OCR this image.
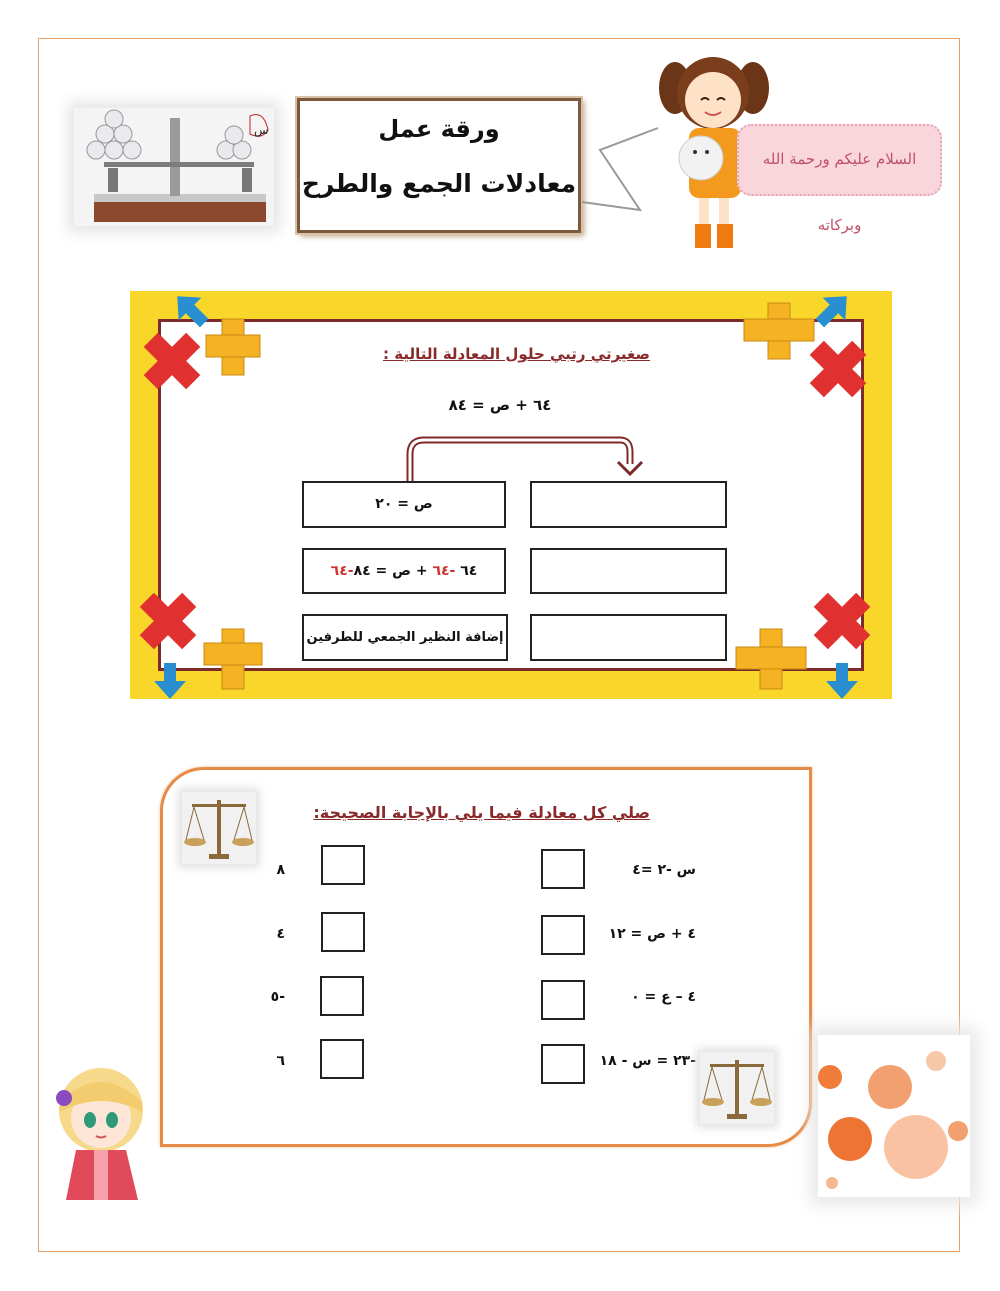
س	ورقة عمل
معادلات الجمع والطرح
السلام عليكم ورحمة الله وبركاته
صغيرتي رتبي حلول المعادلة التالية :
٦٤ + ص = ٨٤
ص = ٢٠
٦٤ -٦٤ + ص = ٨٤-٦٤
إضافة النظير الجمعي للطرفين
صلي كل معادلة فيما يلي بالإجابة الصحيحة:
س -٢ =٤
٤ + ص = ١٢
٤ – ع = ٠
-٢٣ = س - ١٨
٨
٤
-٥
٦
